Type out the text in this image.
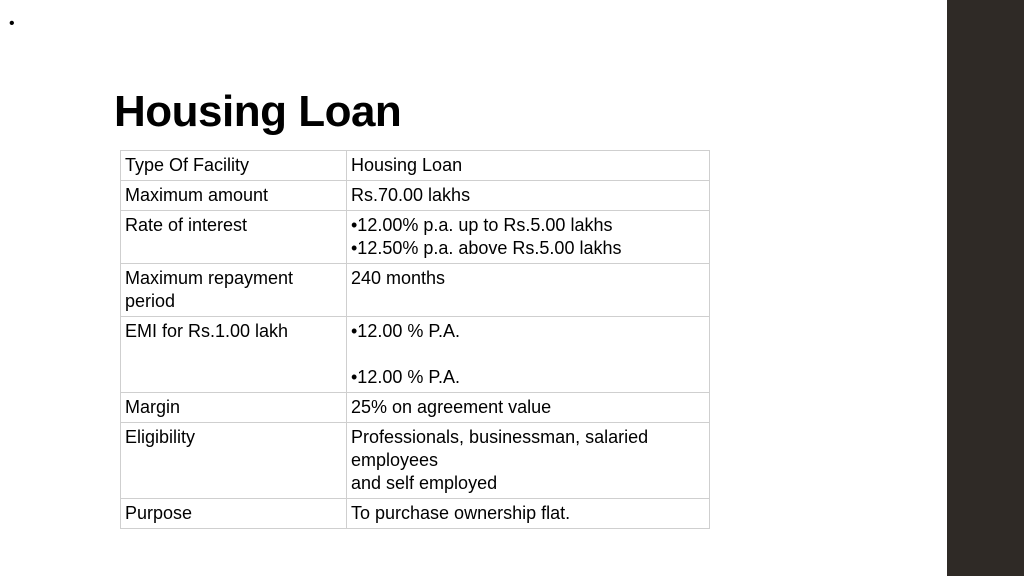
•
Housing Loan
Type Of Facility	Housing Loan

Maximum amount	Rs.70.00 lakhs

Rate of interest	•12.00% p.a. up to Rs.5.00 lakhs
•12.50% p.a. above Rs.5.00 lakhs

Maximum repayment period	240 months

EMI for Rs.1.00 lakh	•12.00 % P.A.
•12.00 % P.A.

Margin	25% on agreement value

Eligibility	Professionals, businessman, salaried employees
and self employed

Purpose	To purchase ownership flat.
